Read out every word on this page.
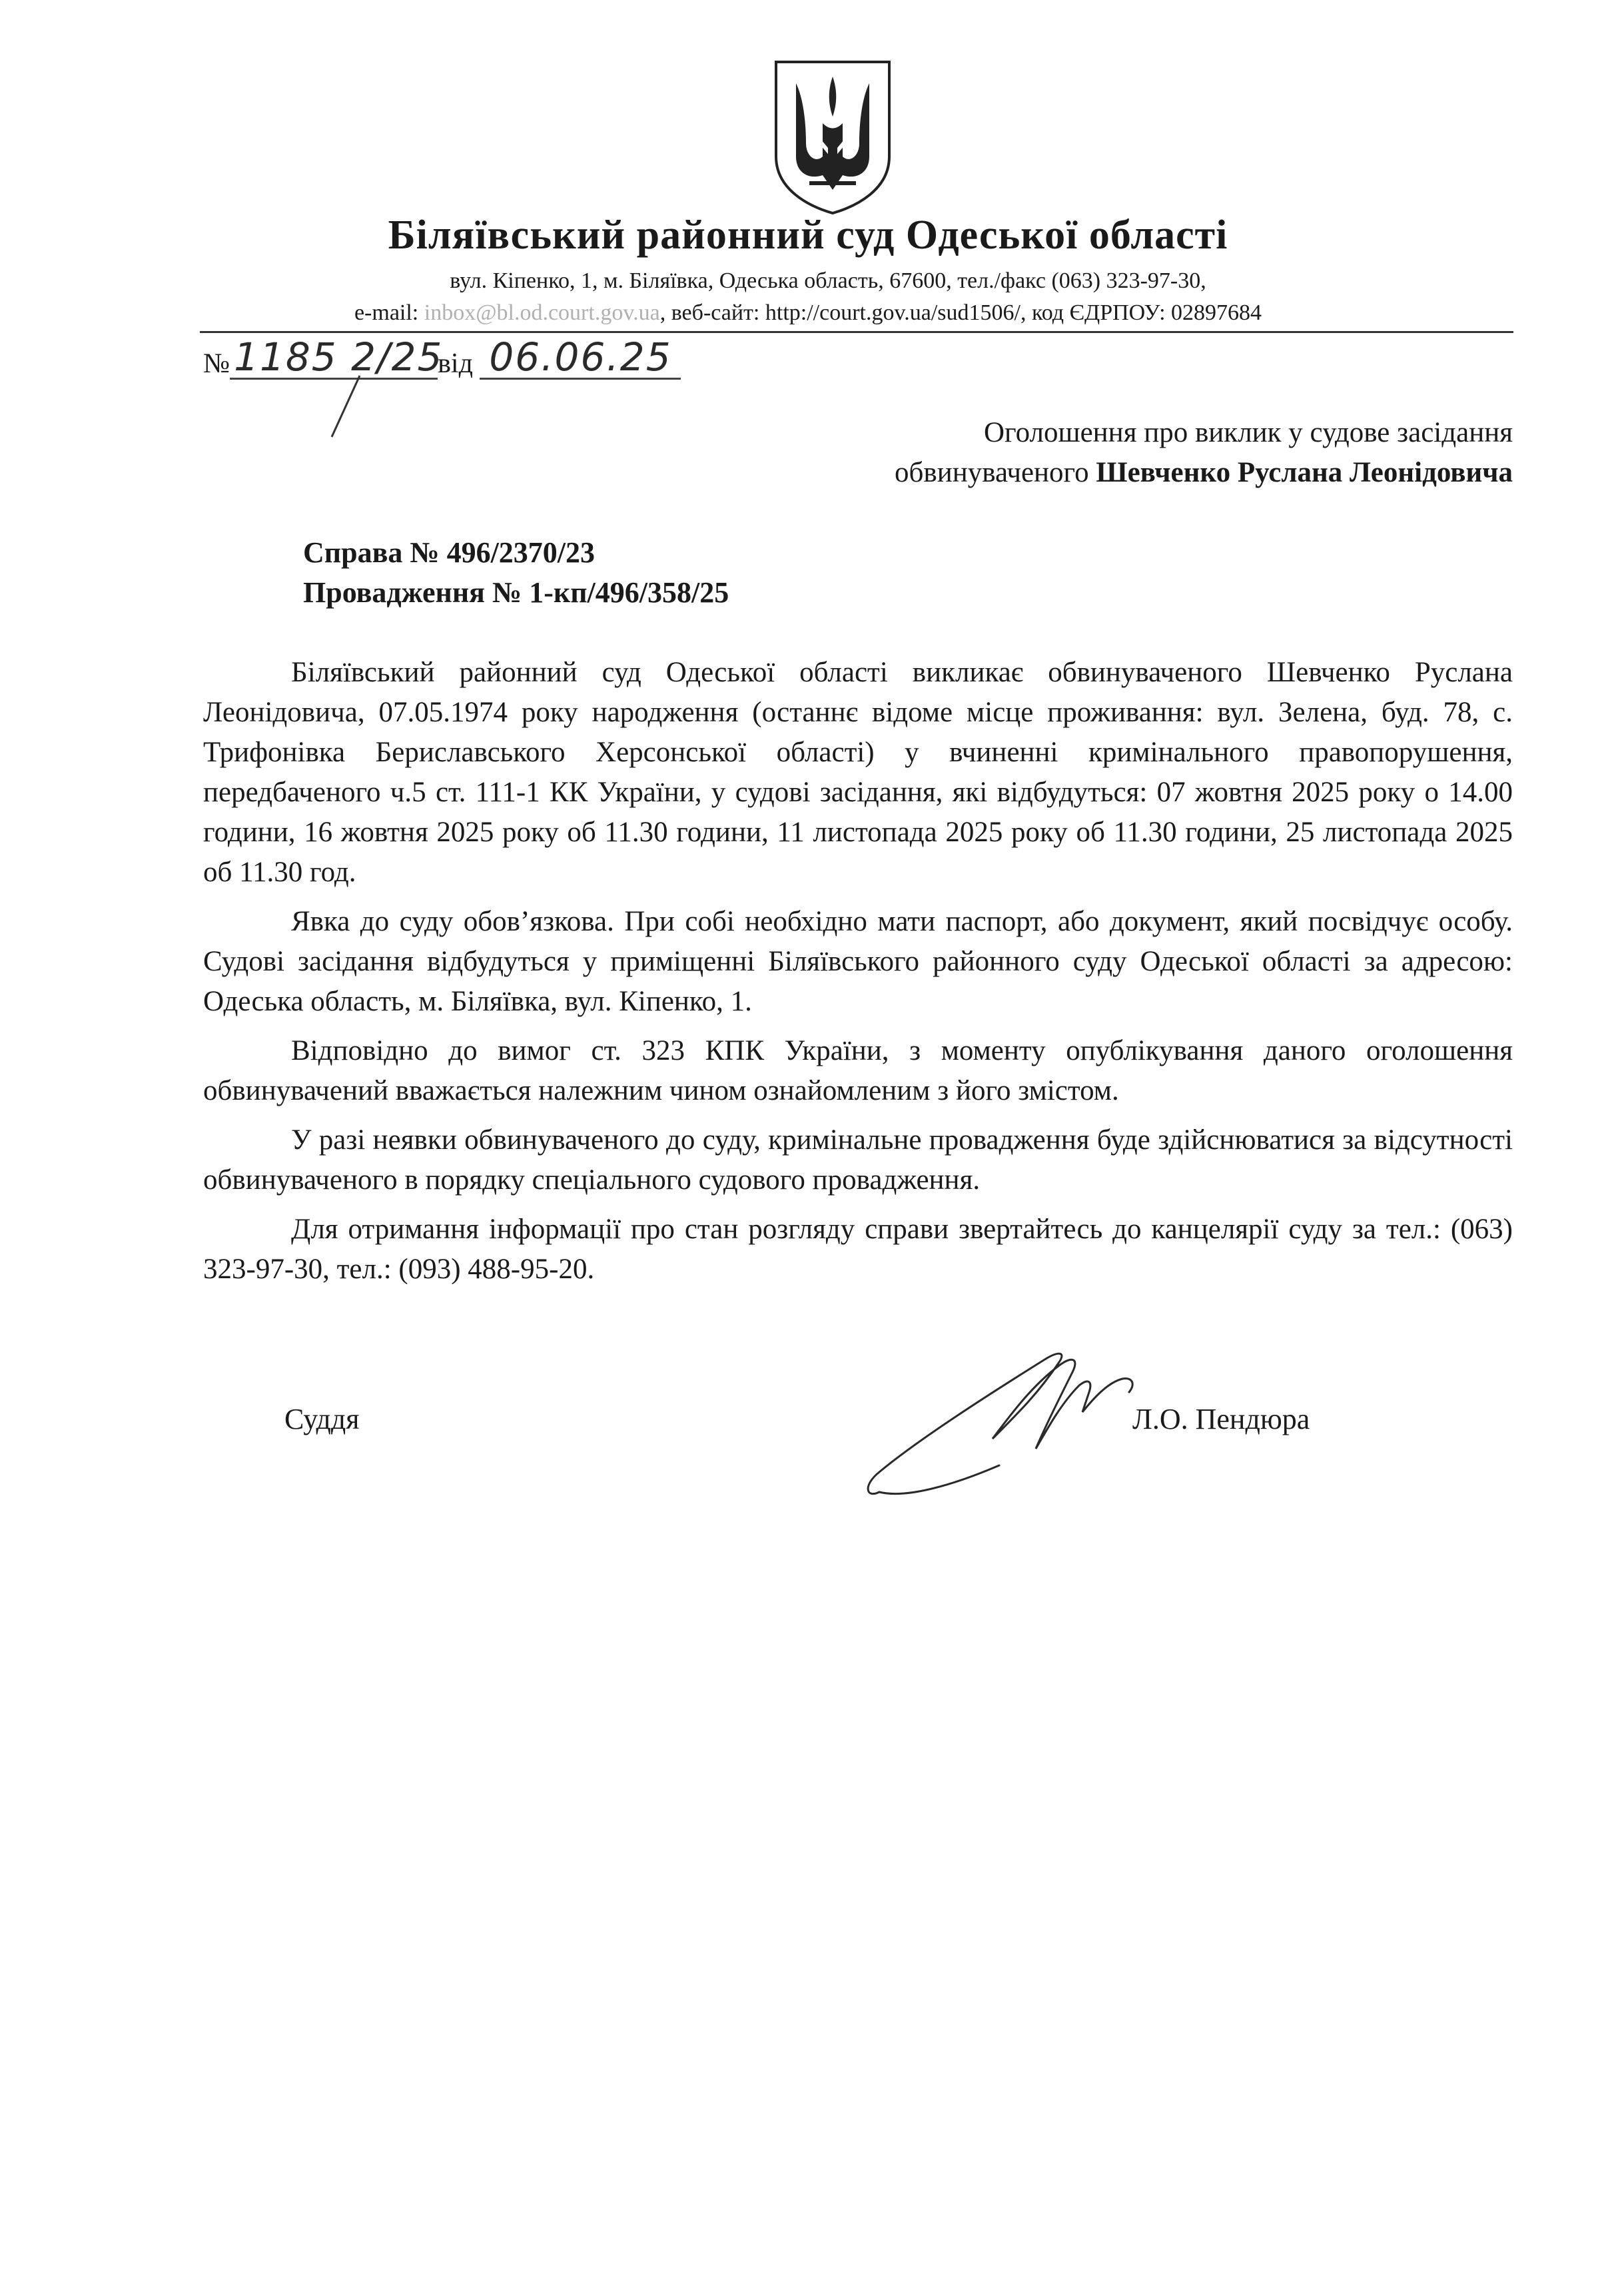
Біляївський районний суд Одеської області
вул. Кіпенко, 1, м. Біляївка, Одеська область, 67600, тел./факс (063) 323-97-30,
e-mail: inbox@bl.od.court.gov.ua, веб-сайт: http://court.gov.ua/sud1506/, код ЄДРПОУ: 02897684
№ 1185 2/25від 06.06.25
Оголошення про виклик у судове засідання
обвинуваченого Шевченко Руслана Леонідовича
Справа № 496/2370/23
Провадження № 1-кп/496/358/25

Біляївський районний суд Одеської області викликає обвинуваченого Шевченко Руслана Леонідовича, 07.05.1974 року народження (останнє відоме місце проживання: вул. Зелена, буд. 78, с. Трифонівка Бериславського Херсонської області) у вчиненні кримінального правопорушення, передбаченого ч.5 ст. 111-1 КК України, у судові засідання, які відбудуться: 07 жовтня 2025 року о 14.00 години, 16 жовтня 2025 року об 11.30 години, 11 листопада 2025 року об 11.30 години, 25 листопада 2025 об 11.30 год.

Явка до суду обов’язкова. При собі необхідно мати паспорт, або документ, який посвідчує особу. Судові засідання відбудуться у приміщенні Біляївського районного суду Одеської області за адресою: Одеська область, м. Біляївка, вул. Кіпенко, 1.

Відповідно до вимог ст. 323 КПК України, з моменту опублікування даного оголошення обвинувачений вважається належним чином ознайомленим з його змістом.

У разі неявки обвинуваченого до суду, кримінальне провадження буде здійснюватися за відсутності обвинуваченого в порядку спеціального судового провадження.

Для отримання інформації про стан розгляду справи звертайтесь до канцелярії суду за тел.: (063) 323-97-30, тел.: (093) 488-95-20.

Суддя	Л.О. Пендюра
